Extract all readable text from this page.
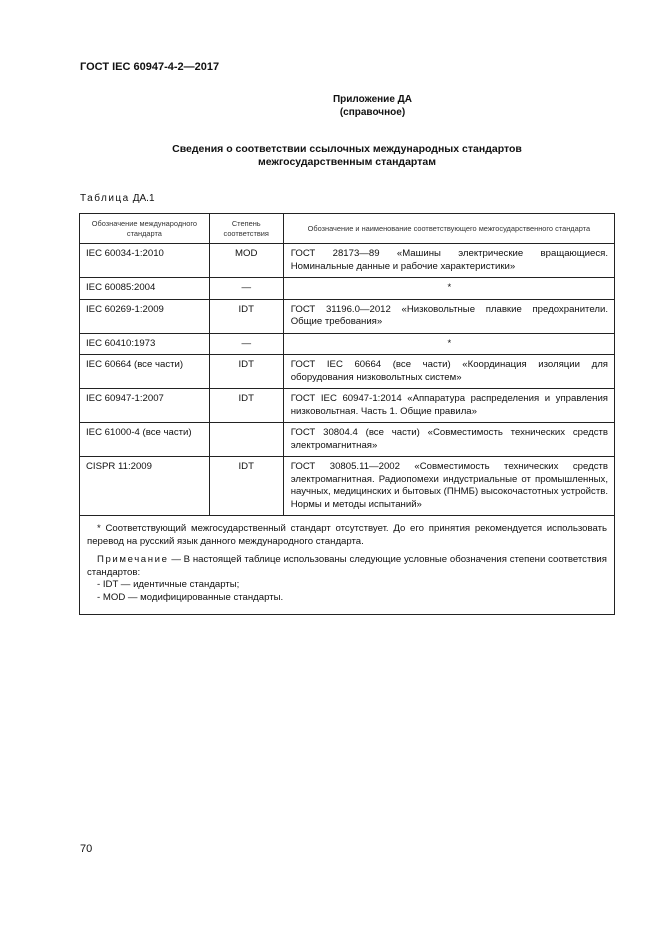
ГОСТ IEC 60947-4-2—2017
Приложение ДА
(справочное)
Сведения о соответствии ссылочных международных стандартов
межгосударственным стандартам
Таблица ДА.1
Обозначение международного стандарта	Степень соответствия	Обозначение и наименование соответствующего межгосударственного стандарта
IEC 60034-1:2010	MOD	ГОСТ 28173—89 «Машины электрические вращающиеся. Номинальные данные и рабочие характеристики»
IEC 60085:2004	—	*
IEC 60269-1:2009	IDT	ГОСТ 31196.0—2012 «Низковольтные плавкие предохранители. Общие требования»
IEC 60410:1973	—	*
IEC 60664 (все части)	IDT	ГОСТ IEC 60664 (все части) «Координация изоляции для оборудования низковольтных систем»
IEC 60947-1:2007	IDT	ГОСТ IEC 60947-1:2014 «Аппаратура распределения и управления низковольтная. Часть 1. Общие правила»
IEC 61000-4 (все части)		ГОСТ 30804.4 (все части) «Совместимость технических средств электромагнитная»
CISPR 11:2009	IDT	ГОСТ 30805.11—2002 «Совместимость технических средств электромагнитная. Радиопомехи индустриальные от промышленных, научных, медицинских и бытовых (ПНМБ) высокочастотных устройств. Нормы и методы испытаний»

* Соответствующий межгосударственный стандарт отсутствует. До его принятия рекомендуется использовать перевод на русский язык данного международного стандарта.

Примечание — В настоящей таблице использованы следующие условные обозначения степени соответствия стандартов:

- IDT — идентичные стандарты;
- MOD — модифицированные стандарты.		
70
